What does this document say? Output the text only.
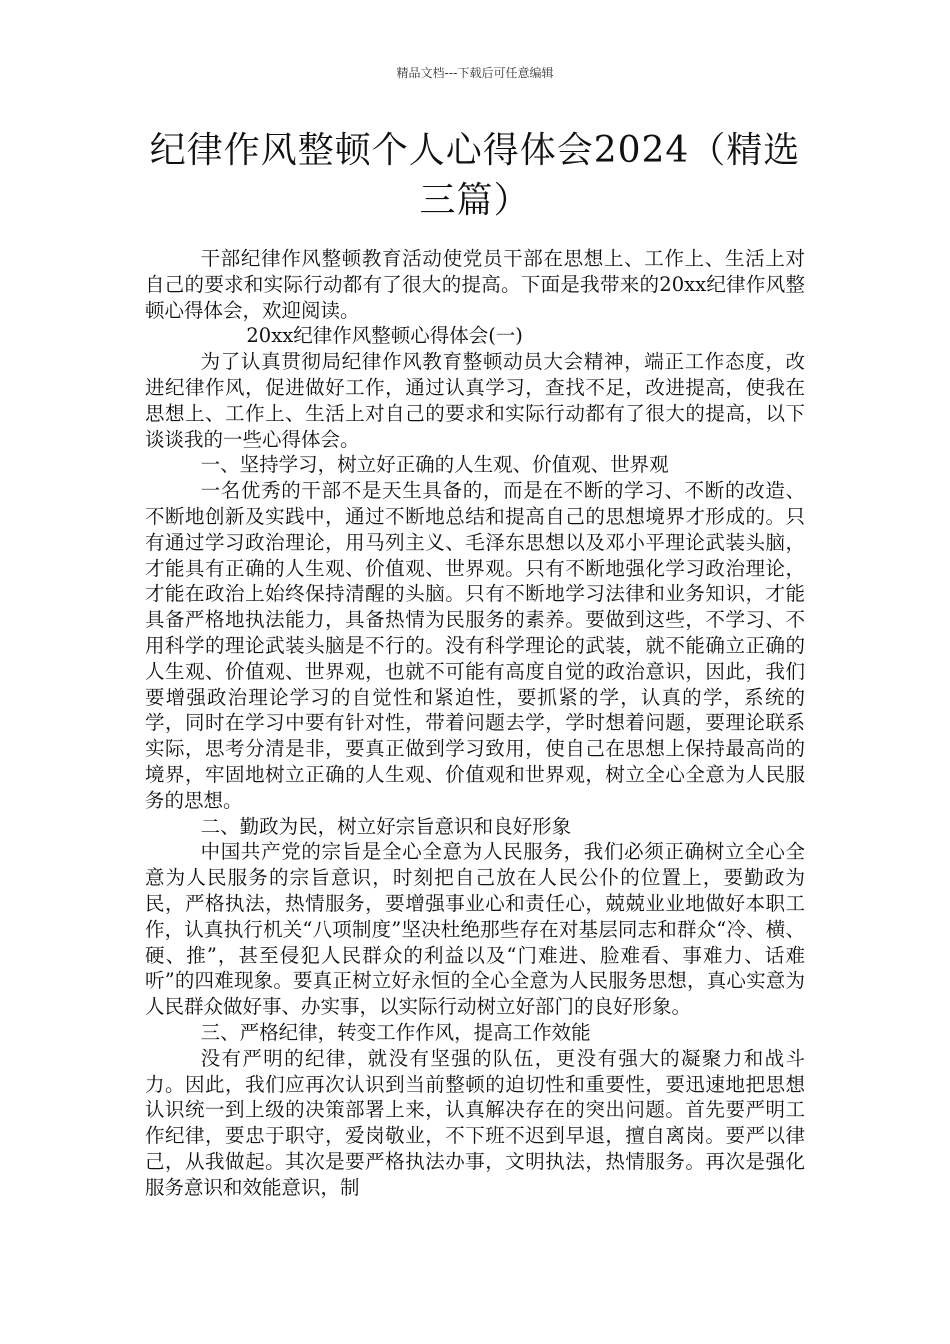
精品文档---下载后可任意编辑
纪律作风整顿个人心得体会2024（精选三篇）

干部纪律作风整顿教育活动使党员干部在思想上、工作上、生活上对自己的要求和实际行动都有了很大的提高。下面是我带来的20xx纪律作风整顿心得体会，欢迎阅读。

20xx纪律作风整顿心得体会(一)

为了认真贯彻局纪律作风教育整顿动员大会精神，端正工作态度，改进纪律作风，促进做好工作，通过认真学习，查找不足，改进提高，使我在思想上、工作上、生活上对自己的要求和实际行动都有了很大的提高，以下谈谈我的一些心得体会。

一、坚持学习，树立好正确的人生观、价值观、世界观

一名优秀的干部不是天生具备的，而是在不断的学习、不断的改造、不断地创新及实践中，通过不断地总结和提高自己的思想境界才形成的。只有通过学习政治理论，用马列主义、毛泽东思想以及邓小平理论武装头脑，才能具有正确的人生观、价值观、世界观。只有不断地强化学习政治理论，才能在政治上始终保持清醒的头脑。只有不断地学习法律和业务知识，才能具备严格地执法能力，具备热情为民服务的素养。要做到这些，不学习、不用科学的理论武装头脑是不行的。没有科学理论的武装，就不能确立正确的人生观、价值观、世界观，也就不可能有高度自觉的政治意识，因此，我们要增强政治理论学习的自觉性和紧迫性，要抓紧的学，认真的学，系统的学，同时在学习中要有针对性，带着问题去学，学时想着问题，要理论联系实际，思考分清是非，要真正做到学习致用，使自己在思想上保持最高尚的境界，牢固地树立正确的人生观、价值观和世界观，树立全心全意为人民服务的思想。

二、勤政为民，树立好宗旨意识和良好形象

中国共产党的宗旨是全心全意为人民服务，我们必须正确树立全心全意为人民服务的宗旨意识，时刻把自己放在人民公仆的位置上，要勤政为民，严格执法，热情服务，要增强事业心和责任心，兢兢业业地做好本职工作，认真执行机关“八项制度”坚决杜绝那些存在对基层同志和群众“冷、横、硬、推”，甚至侵犯人民群众的利益以及“门难进、脸难看、事难力、话难听”的四难现象。要真正树立好永恒的全心全意为人民服务思想，真心实意为人民群众做好事、办实事，以实际行动树立好部门的良好形象。

三、严格纪律，转变工作作风，提高工作效能

没有严明的纪律，就没有坚强的队伍，更没有强大的凝聚力和战斗力。因此，我们应再次认识到当前整顿的迫切性和重要性，要迅速地把思想认识统一到上级的决策部署上来，认真解决存在的突出问题。首先要严明工作纪律，要忠于职守，爱岗敬业，不下班不迟到早退，擅自离岗。要严以律己，从我做起。其次是要严格执法办事，文明执法，热情服务。再次是强化服务意识和效能意识，制
